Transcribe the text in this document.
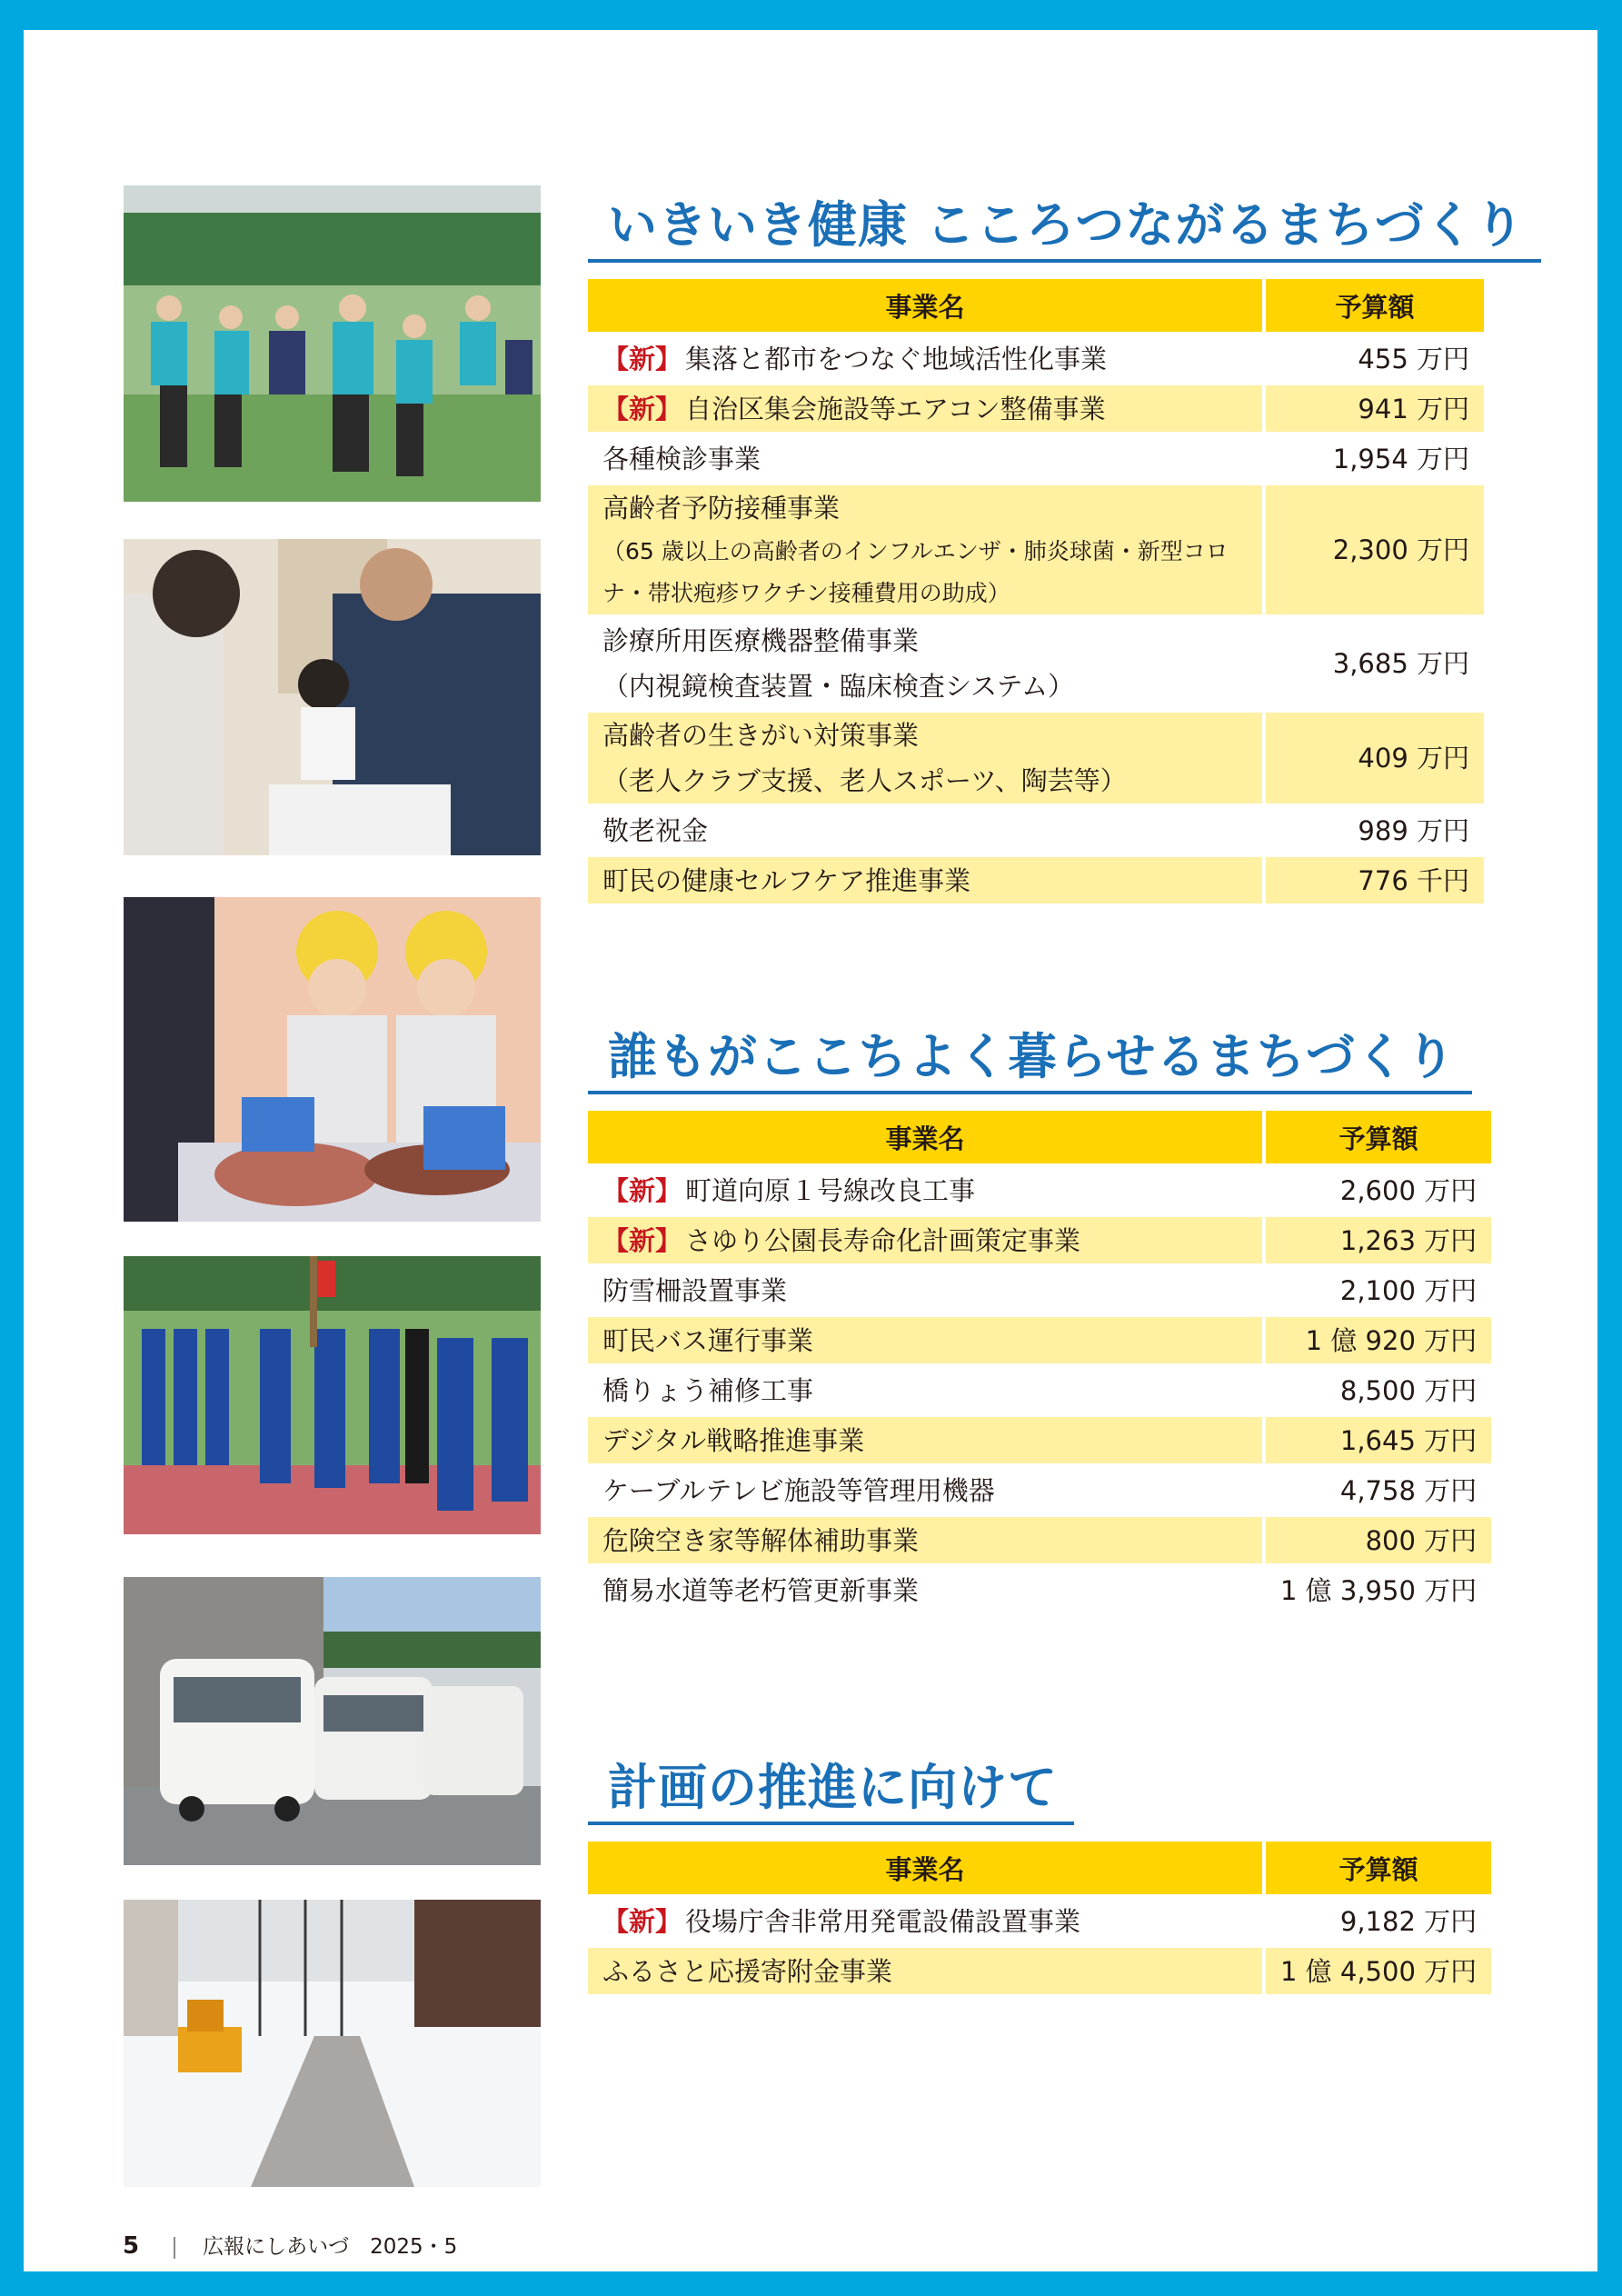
いきいき健康 こころつながるまちづくり
事業名	予算額
【新】 集落と都市をつなぐ地域活性化事業	455 万円
【新】 自治区集会施設等エアコン整備事業	941 万円
各種検診事業	1,954 万円

高齢者予防接種事業
（65 歳以上の高齢者のインフルエンザ・肺炎球菌・新型コロナ・帯状疱疹ワクチン接種費用の助成）	2,300 万円

診療所用医療機器整備事業
（内視鏡検査装置・臨床検査システム）	3,685 万円

高齢者の生きがい対策事業
（老人クラブ支援、老人スポーツ、陶芸等）	409 万円
敬老祝金	989 万円
町民の健康セルフケア推進事業	776 千円
誰もがここちよく暮らせるまちづくり
事業名	予算額
【新】 町道向原１号線改良工事	2,600 万円
【新】 さゆり公園長寿命化計画策定事業	1,263 万円
防雪柵設置事業	2,100 万円
町民バス運行事業	1 億 920 万円
橋りょう補修工事	8,500 万円
デジタル戦略推進事業	1,645 万円
ケーブルテレビ施設等管理用機器	4,758 万円
危険空き家等解体補助事業	800 万円
簡易水道等老朽管更新事業	1 億 3,950 万円
計画の推進に向けて
事業名	予算額
【新】 役場庁舎非常用発電設備設置事業	9,182 万円
ふるさと応援寄附金事業	1 億 4,500 万円
5	広報にしあいづ　2025・5
